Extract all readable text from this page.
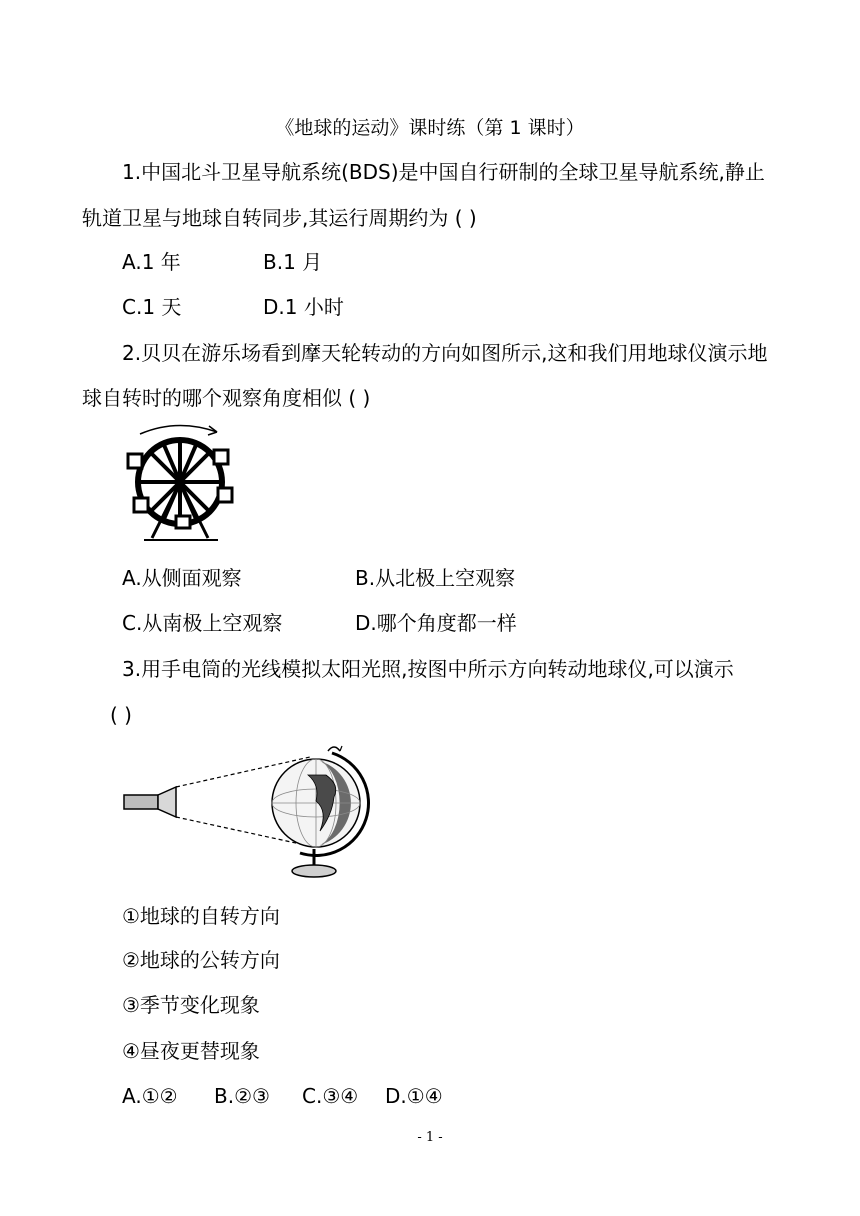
《地球的运动》课时练（第 1 课时）
1.中国北斗卫星导航系统(BDS)是中国自行研制的全球卫星导航系统,静止
轨道卫星与地球自转同步,其运行周期约为 ( )
A.1 年	B.1 月
C.1 天	D.1 小时
2.贝贝在游乐场看到摩天轮转动的方向如图所示,这和我们用地球仪演示地
球自转时的哪个观察角度相似 ( )
A.从侧面观察	B.从北极上空观察
C.从南极上空观察	D.哪个角度都一样
3.用手电筒的光线模拟太阳光照,按图中所示方向转动地球仪,可以演示
( )
①地球的自转方向
②地球的公转方向
③季节变化现象
④昼夜更替现象
A.①② B.②③ C.③④ D.①④
- 1 -
